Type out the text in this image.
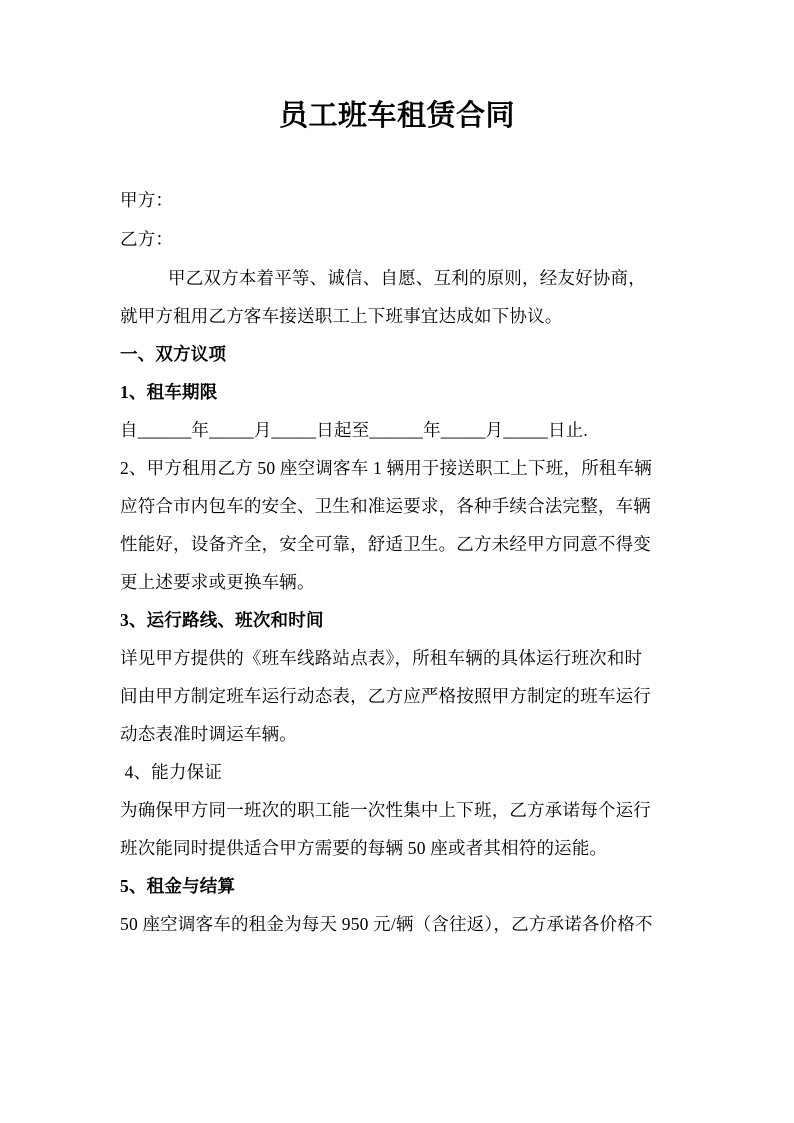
员工班车租赁合同
甲方：
乙方：
甲乙双方本着平等、诚信、自愿、互利的原则，经友好协商，
就甲方租用乙方客车接送职工上下班事宜达成如下协议。
一、双方议项
1、租车期限
自______年_____月_____日起至______年_____月_____日止.
2、甲方租用乙方 50 座空调客车 1 辆用于接送职工上下班，所租车辆
应符合市内包车的安全、卫生和准运要求，各种手续合法完整，车辆
性能好，设备齐全，安全可靠，舒适卫生。乙方未经甲方同意不得变
更上述要求或更换车辆。
3、运行路线、班次和时间
详见甲方提供的《班车线路站点表》，所租车辆的具体运行班次和时
间由甲方制定班车运行动态表，乙方应严格按照甲方制定的班车运行
动态表准时调运车辆。
4、能力保证
为确保甲方同一班次的职工能一次性集中上下班，乙方承诺每个运行
班次能同时提供适合甲方需要的每辆 50 座或者其相符的运能。
5、租金与结算
50 座空调客车的租金为每天 950 元/辆（含往返），乙方承诺各价格不
